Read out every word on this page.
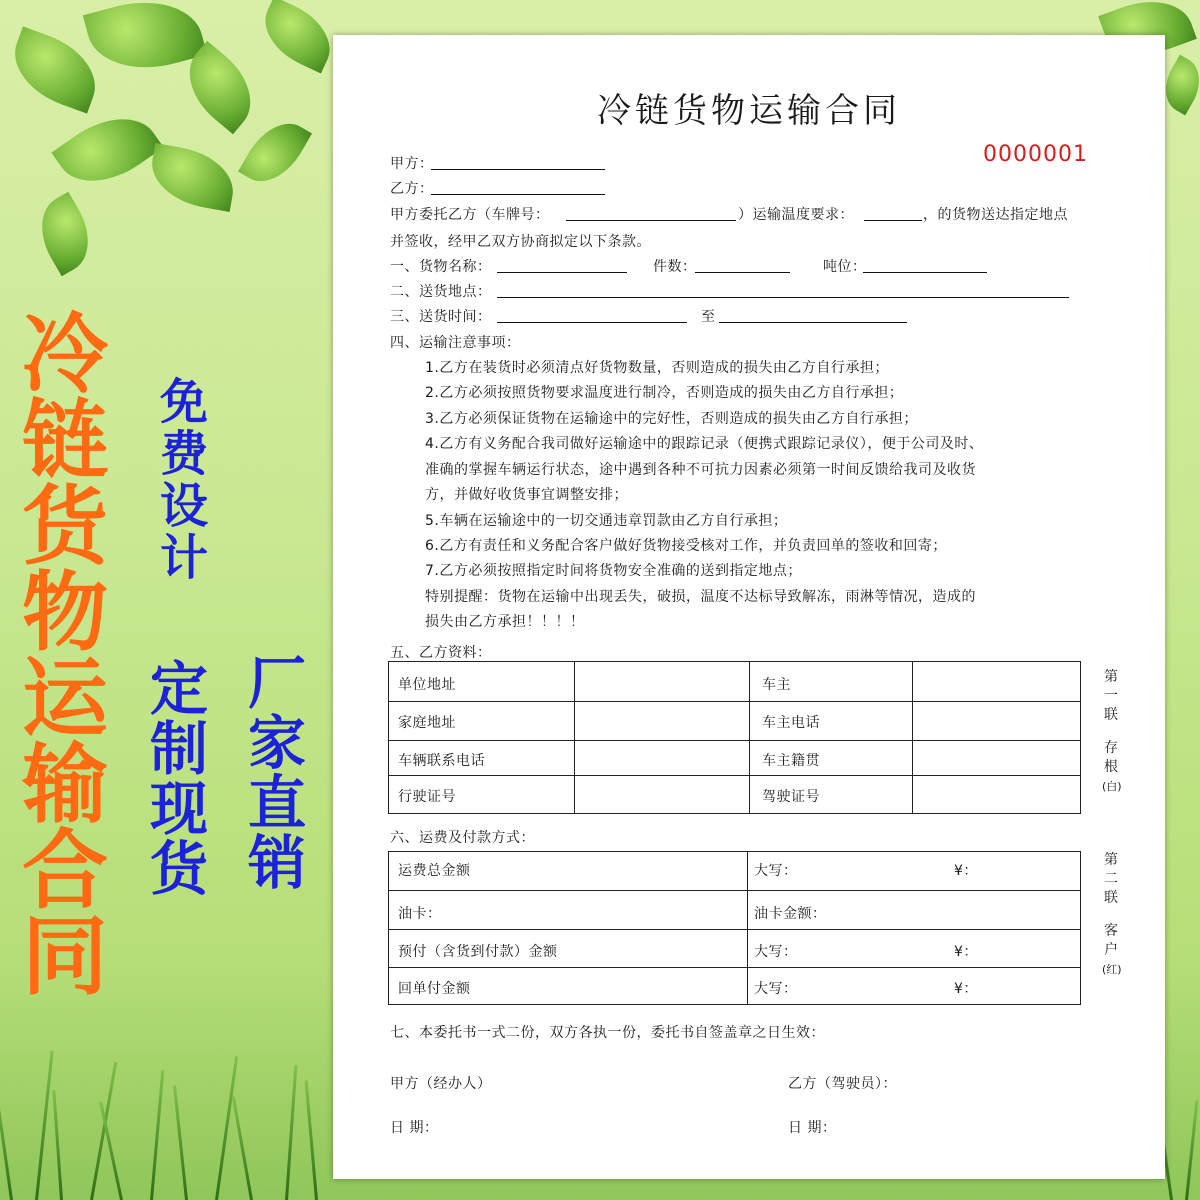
冷
链
货
物
运
输
合
同
免
费
设
计
定
制
现
货
厂
家
直
销
冷链货物运输合同
0000001
甲方：
乙方：
甲方委托乙方（车牌号：	）运输温度要求：	，的货物送达指定地点
并签收，经甲乙双方协商拟定以下条款。
一、货物名称：	件数：	吨位：
二、送货地点：
三、送货时间：	至
四、运输注意事项：
1.乙方在装货时必须清点好货物数量，否则造成的损失由乙方自行承担；
2.乙方必须按照货物要求温度进行制冷，否则造成的损失由乙方自行承担；
3.乙方必须保证货物在运输途中的完好性，否则造成的损失由乙方自行承担；
4.乙方有义务配合我司做好运输途中的跟踪记录（便携式跟踪记录仪），便于公司及时、
准确的掌握车辆运行状态，途中遇到各种不可抗力因素必须第一时间反馈给我司及收货
方，并做好收货事宜调整安排；
5.车辆在运输途中的一切交通违章罚款由乙方自行承担；
6.乙方有责任和义务配合客户做好货物接受核对工作，并负责回单的签收和回寄；
7.乙方必须按照指定时间将货物安全准确的送到指定地点；
特别提醒：货物在运输中出现丢失，破损，温度不达标导致解冻，雨淋等情况，造成的
损失由乙方承担！！！！
五、乙方资料：
单位地址	车主
家庭地址	车主电话
车辆联系电话	车主籍贯
行驶证号	驾驶证号
六、运费及付款方式：
运费总金额	大写：	¥：
油卡：	油卡金额：
预付（含货到付款）金额	大写：	¥：
回单付金额	大写：	¥：
第
一
联
存
根
(白)
第
二
联
客
户
(红)
七、本委托书一式二份，双方各执一份，委托书自签盖章之日生效：
甲方（经办人）	乙方（驾驶员）：
日 期：	日 期：
